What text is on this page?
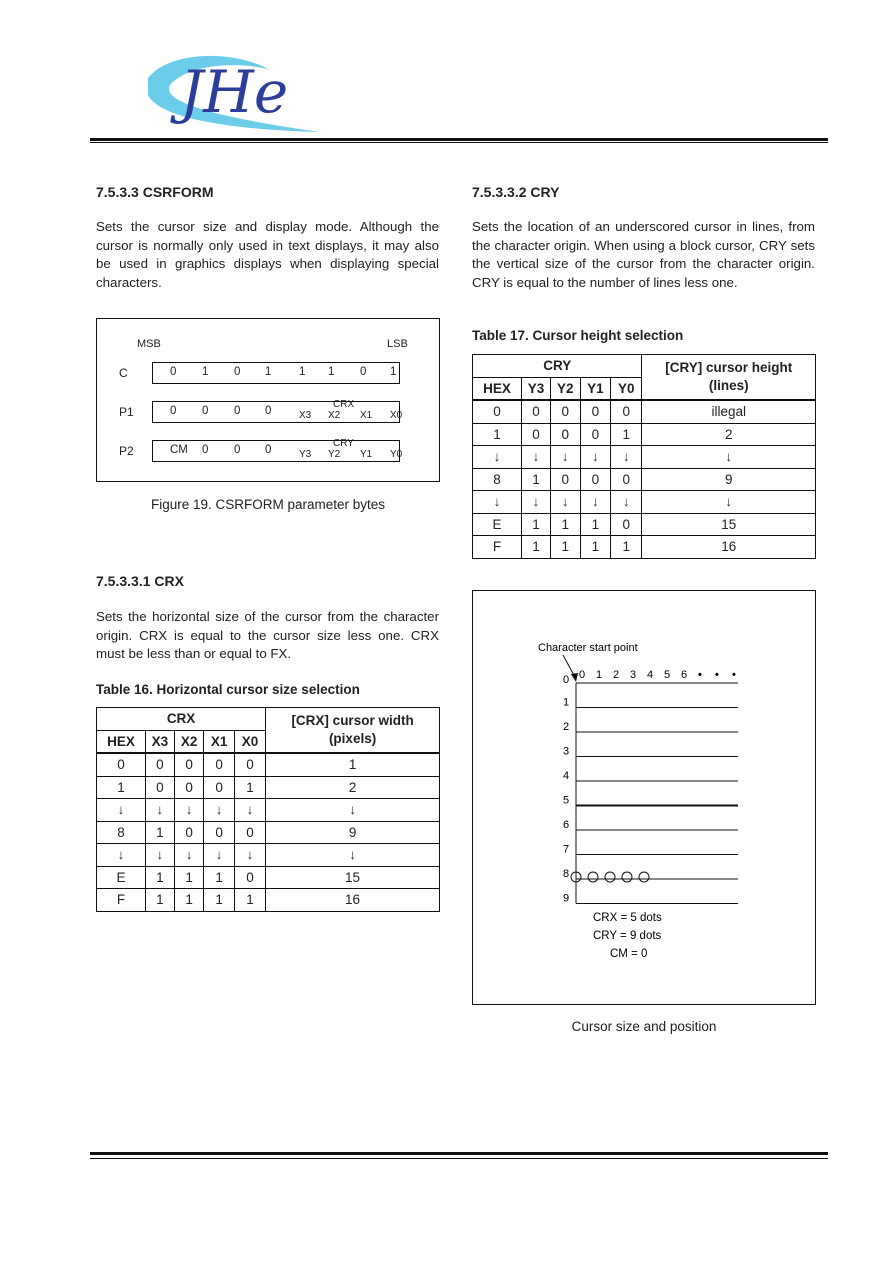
JHe
7.5.3.3 CSRFORM
Sets the cursor size and display mode. Although the cursor is normally only used in text displays, it may also be used in graphics displays when displaying special characters.
MSB	LSB
C	0 1 0 1 1 1 0 1
P1	0 0 0 0	X3 X2 X1 X0
CRX
P2	CM 0 0 0	Y3 Y2 Y1 Y0
CRY
Figure 19. CSRFORM parameter bytes
7.5.3.3.1 CRX
Sets the horizontal size of the cursor from the character origin. CRX is equal to the cursor size less one. CRX must be less than or equal to FX.
Table 16. Horizontal cursor size selection
CRX					[CRX] cursor width (pixels)
HEX	X3	X2	X1	X0	
0	0	0	0	0	1
1	0	0	0	1	2
↓	↓	↓	↓	↓	↓
8	1	0	0	0	9
↓	↓	↓	↓	↓	↓
E	1	1	1	0	15
F	1	1	1	1	16
7.5.3.3.2 CRY
Sets the location of an underscored cursor in lines, from the character origin. When using a block cursor, CRY sets the vertical size of the cursor from the character origin. CRY is equal to the number of lines less one.
Table 17. Cursor height selection
CRY					[CRY] cursor height (lines)
HEX	Y3	Y2	Y1	Y0	
0	0	0	0	0	illegal
1	0	0	0	1	2
↓	↓	↓	↓	↓	↓
8	1	0	0	0	9
↓	↓	↓	↓	↓	↓
E	1	1	1	0	15
F	1	1	1	1	16
Character start point
0 1 2 3 4 5 6 • • •
0
1
2
3
4
5
6
7
8
9
CRX = 5 dots
CRY = 9 dots
CM = 0
Cursor size and position
